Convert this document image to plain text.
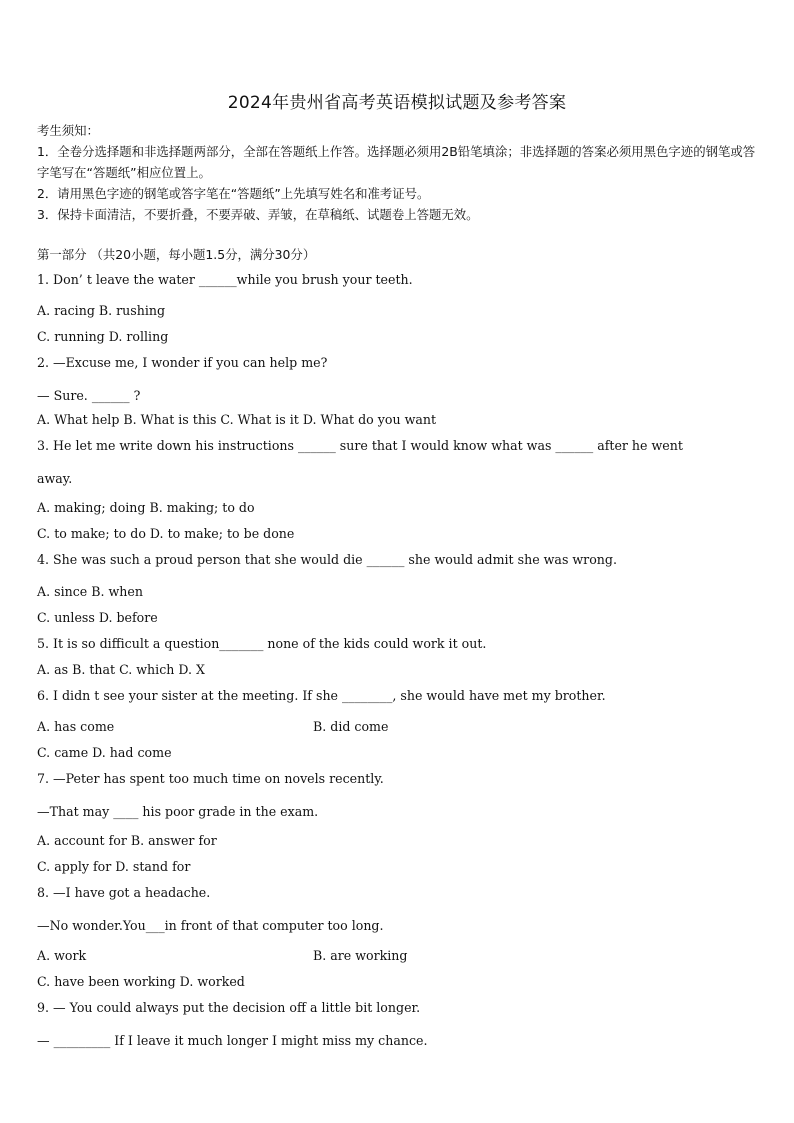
2024年贵州省高考英语模拟试题及参考答案

考生须知：

1．全卷分选择题和非选择题两部分，全部在答题纸上作答。选择题必须用2B铅笔填涂；非选择题的答案必须用黑色字迹的钢笔或答字笔写在“答题纸”相应位置上。

2．请用黑色字迹的钢笔或答字笔在“答题纸”上先填写姓名和准考证号。

3．保持卡面清洁，不要折叠，不要弄破、弄皱，在草稿纸、试题卷上答题无效。

第一部分 （共20小题，每小题1.5分，满分30分）
1. Don’ t leave the water ______while you brush your teeth.
A. racing B. rushing
C. running D. rolling
2. —Excuse me, I wonder if you can help me?
— Sure. ______ ?
A. What help B. What is this C. What is it D. What do you want
3. He let me write down his instructions ______ sure that I would know what was ______ after he went
away.
A. making; doing B. making; to do
C. to make; to do D. to make; to be done
4. She was such a proud person that she would die ______ she would admit she was wrong.
A. since B. when
C. unless D. before
5. It is so difficult a question_______ none of the kids could work it out.
A. as B. that C. which D. X
6. I didn t see your sister at the meeting. If she ________, she would have met my brother.
A. has come	B. did come
C. came D. had come
7. —Peter has spent too much time on novels recently.
—That may ____ his poor grade in the exam.
A. account for B. answer for
C. apply for D. stand for
8. —I have got a headache.
—No wonder.You___in front of that computer too long.
A. work	B. are working
C. have been working D. worked
9. — You could always put the decision off a little bit longer.
— _________ If I leave it much longer I might miss my chance.
